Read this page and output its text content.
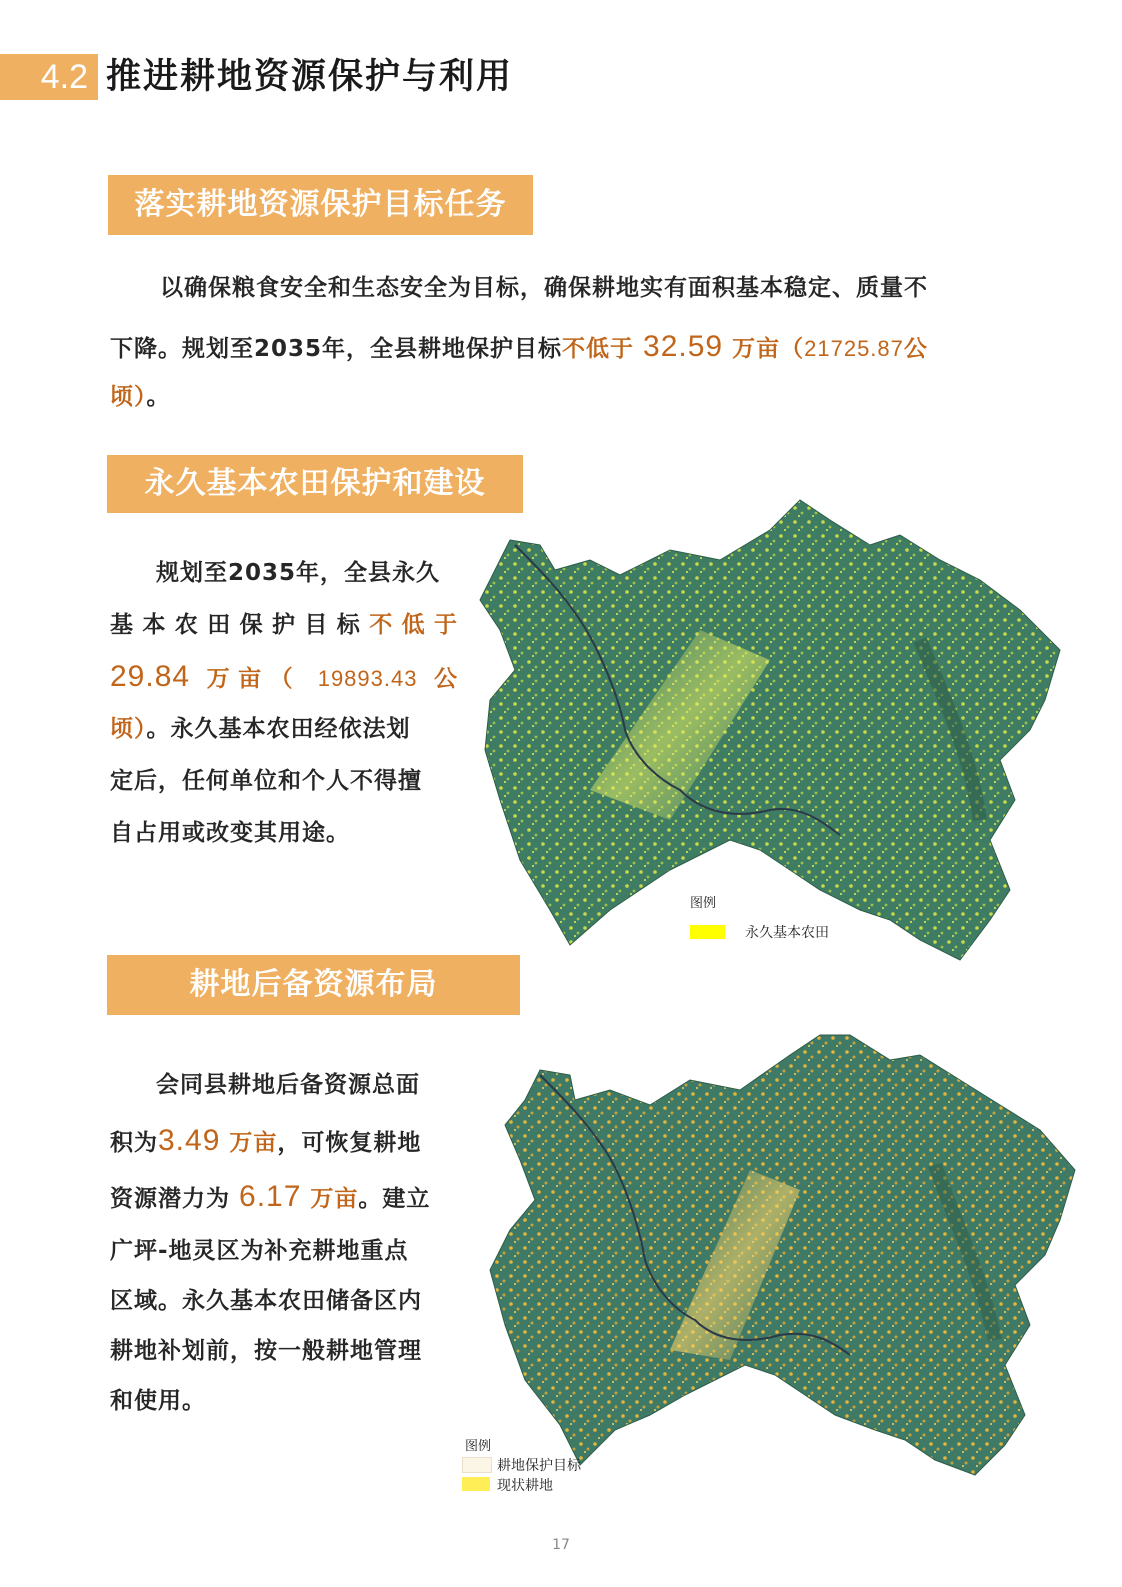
4.2 推进耕地资源保护与利用
落实耕地资源保护目标任务
以确保粮食安全和生态安全为目标，确保耕地实有面积基本稳定、质量不
下降。规划至2035年，全县耕地保护目标不低于 32.59 万亩（21725.87公
顷）。
永久基本农田保护和建设
规划至2035年，全县永久
基本农田保护目标不低于
29.84 万亩（ 19893.43 公
顷）。永久基本农田经依法划
定后，任何单位和个人不得擅
自占用或改变其用途。
图例
永久基本农田
耕地后备资源布局
会同县耕地后备资源总面
积为3.49 万亩，可恢复耕地
资源潜力为 6.17 万亩。建立
广坪-地灵区为补充耕地重点
区域。永久基本农田储备区内
耕地补划前，按一般耕地管理
和使用。
图例
耕地保护目标
现状耕地
17
